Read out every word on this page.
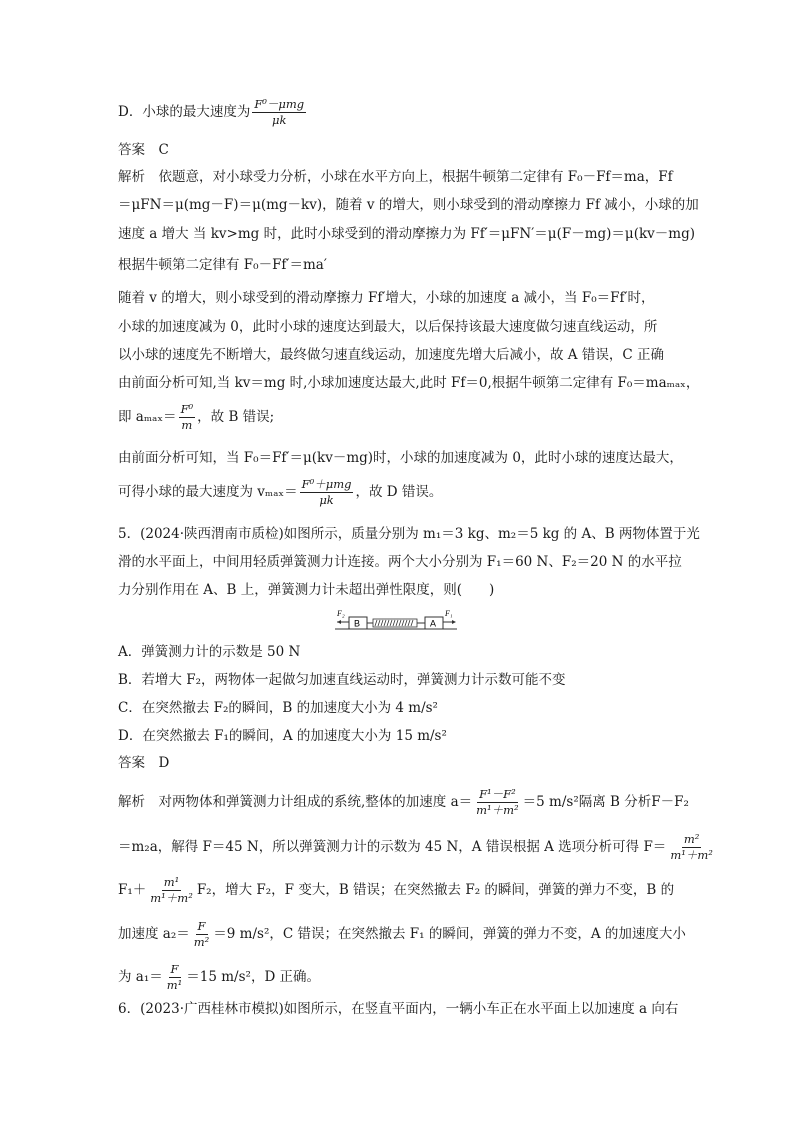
D．小球的最大速度为 $\frac{\text{F⁰－μmg}}{\mu k}$
答案　C
解析　依题意，对小球受力分析，小球在水平方向上，根据牛顿第二定律有 F₀－Ff＝ma，Ff
＝μFN＝μ(mg－F)＝μ(mg－kv)，随着 v 的增大，则小球受到的滑动摩擦力 Ff 减小，小球的加
速度 a 增大 当 kv>mg 时，此时小球受到的滑动摩擦力为 Ff′＝μFN′＝μ(F－mg)＝μ(kv－mg)
根据牛顿第二定律有 F₀－Ff′＝ma′
随着 v 的增大，则小球受到的滑动摩擦力 Ff′增大，小球的加速度 a 减小，当 F₀＝Ff′时，
小球的加速度减为 0，此时小球的速度达到最大，以后保持该最大速度做匀速直线运动，所
以小球的速度先不断增大，最终做匀速直线运动，加速度先增大后减小，故 A 错误，C 正确
由前面分析可知,当 kv＝mg 时,小球加速度达最大,此时 Ff＝0,根据牛顿第二定律有 F₀＝maₘₐₓ，
即 $a_{max}= \frac{\text{F⁰}}{m}$ ，故 B 错误;
由前面分析可知，当 F₀＝Ff′＝μ(kv－mg)时，小球的加速度减为 0，此时小球的速度达最大，
可得小球的最大速度为 $v_{max}= \frac{\text{F⁰＋μmg}}{\mu k}$ ，故 D 错误。
5．(2024·陕西渭南市质检)如图所示，质量分别为 m₁＝3 kg、m₂＝5 kg 的 A、B 两物体置于光
滑的水平面上，中间用轻质弹簧测力计连接。两个大小分别为 F₁＝60 N、F₂＝20 N 的水平拉
力分别作用在 A、B 上，弹簧测力计未超出弹性限度，则(　　)
F₂
B	A
F₁
A．弹簧测力计的示数是 50 N
B．若增大 F₂，两物体一起做匀加速直线运动时，弹簧测力计示数可能不变
C．在突然撤去 F₂的瞬间，B 的加速度大小为 4 m/s²
D．在突然撤去 F₁的瞬间，A 的加速度大小为 15 m/s²
答案　D
解析　对两物体和弹簧测力计组成的系统,整体的加速度 $a= \frac{\text{F¹－F²}}{\text{m¹＋m²}} =5$ m/s²隔离 B 分析F－F₂
＝m₂a，解得 F＝45 N，所以弹簧测力计的示数为 45 N，A 错误根据 A 选项分析可得 $F= \frac{\text{m²}}{\text{m¹＋m²}}$
$F_1+ \frac{\text{m¹}}{\text{m¹＋m²}} F_2$，增大 F₂，F 变大，B 错误；在突然撤去 F₂ 的瞬间，弹簧的弹力不变，B 的
加速度 $a_2= \frac{F}{\text{m²}} =9$ m/s²，C 错误；在突然撤去 F₁ 的瞬间，弹簧的弹力不变，A 的加速度大小
为 $a_1= \frac{F}{\text{m¹}} =15$ m/s²，D 正确。
6．(2023·广西桂林市模拟)如图所示，在竖直平面内，一辆小车正在水平面上以加速度 a 向右
